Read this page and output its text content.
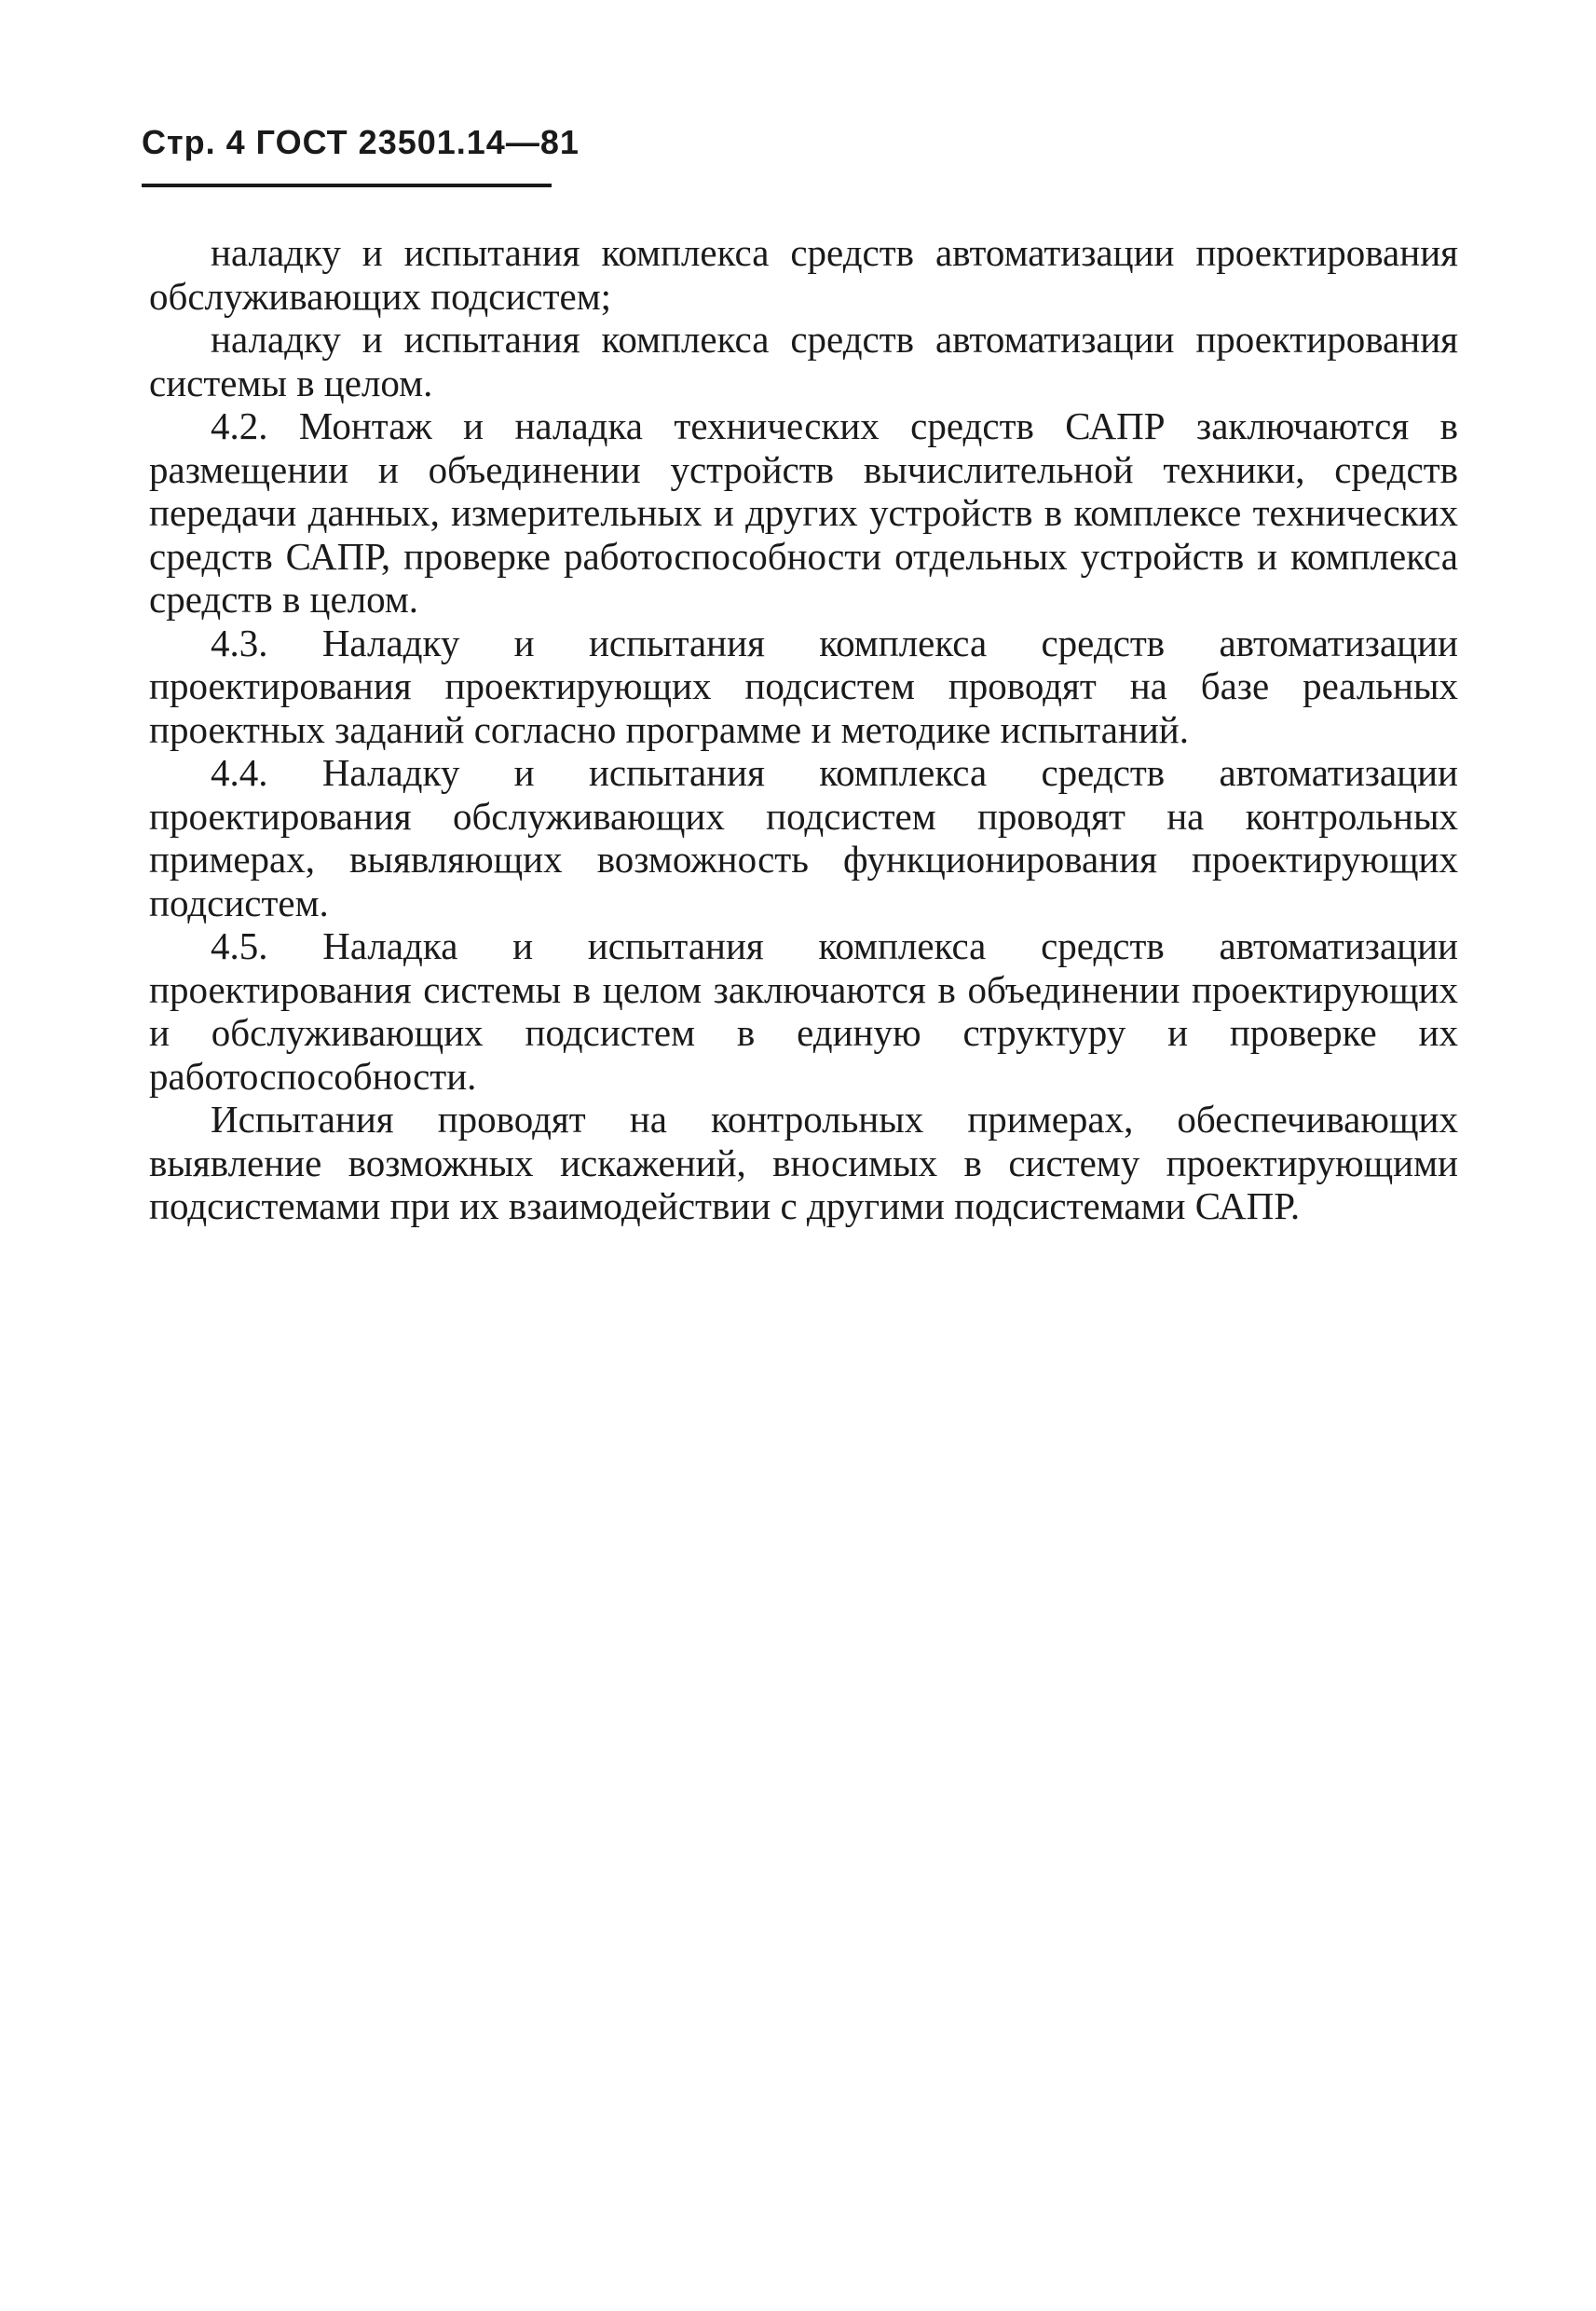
Стр. 4 ГОСТ 23501.14—81

наладку и испытания комплекса средств автоматизации проектирования обслуживающих подсистем;

наладку и испытания комплекса средств автоматизации проектирования системы в целом.

4.2. Монтаж и наладка технических средств САПР заключаются в размещении и объединении устройств вычислительной техники, средств передачи данных, измерительных и других устройств в комплексе технических средств САПР, проверке работоспособности отдельных устройств и комплекса средств в целом.

4.3. Наладку и испытания комплекса средств автоматизации проектирования проектирующих подсистем проводят на базе реальных проектных заданий согласно программе и методике испытаний.

4.4. Наладку и испытания комплекса средств автоматизации проектирования обслуживающих подсистем проводят на контрольных примерах, выявляющих возможность функционирования проектирующих подсистем.

4.5. Наладка и испытания комплекса средств автоматизации проектирования системы в целом заключаются в объединении проектирующих и обслуживающих подсистем в единую структуру и проверке их работоспособности.

Испытания проводят на контрольных примерах, обеспечивающих выявление возможных искажений, вносимых в систему проектирующими подсистемами при их взаимодействии с другими подсистемами САПР.
